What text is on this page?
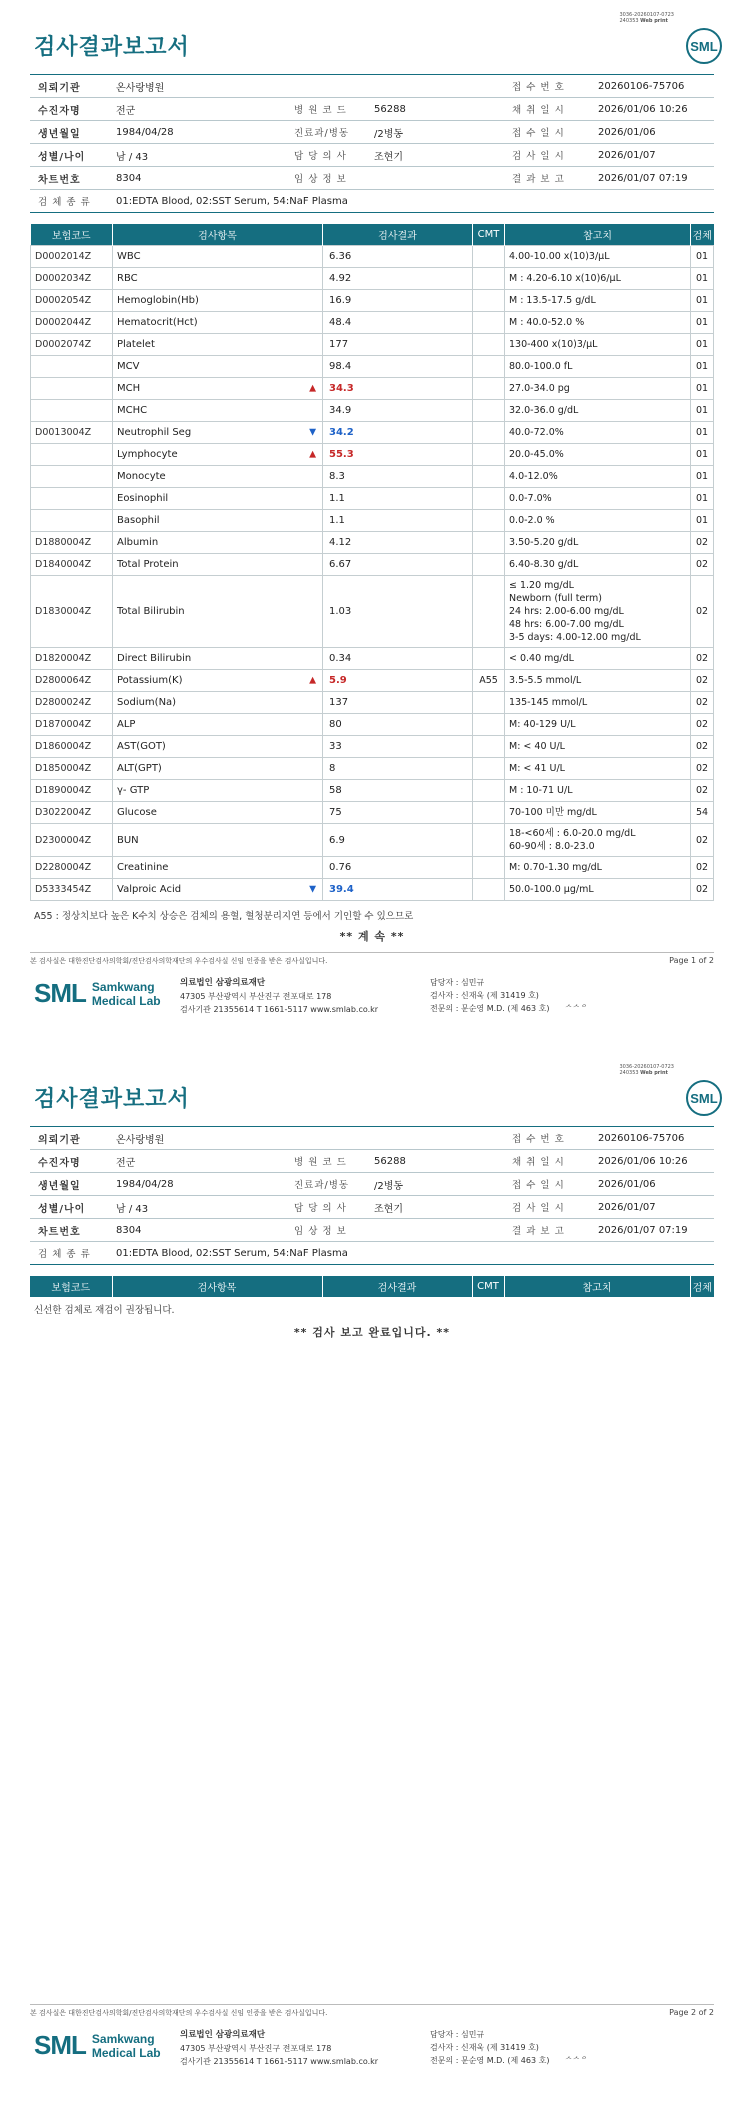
3036-20260107-0723
240353 Web print
검사결과보고서	SML
의뢰기관	온사랑병원			접 수 번 호	20260106-75706
수진자명	전군	병 원 코 드	56288	채 취 일 시	2026/01/06 10:26
생년월일	1984/04/28	진료과/병동	/2병동	접 수 일 시	2026/01/06
성별/나이	남 / 43	담 당 의 사	조현기	검 사 일 시	2026/01/07
차트번호	8304	임 상 정 보		결 과 보 고	2026/01/07 07:19
검 체 종 류	01:EDTA Blood, 02:SST Serum, 54:NaF Plasma				
보험코드	검사항목	검사결과	CMT	참고치	검체
D0002014Z	WBC	6.36		4.00-10.00 x(10)3/μL	01
D0002034Z	RBC	4.92		M : 4.20-6.10 x(10)6/μL	01
D0002054Z	Hemoglobin(Hb)	16.9		M : 13.5-17.5 g/dL	01
D0002044Z	Hematocrit(Hct)	48.4		M : 40.0-52.0 %	01
D0002074Z	Platelet	177		130-400 x(10)3/μL	01
	MCV	98.4		80.0-100.0 fL	01
	MCH ▲	34.3		27.0-34.0 pg	01
	MCHC	34.9		32.0-36.0 g/dL	01
D0013004Z	Neutrophil Seg ▼	34.2		40.0-72.0%	01
	Lymphocyte ▲	55.3		20.0-45.0%	01
	Monocyte	8.3		4.0-12.0%	01
	Eosinophil	1.1		0.0-7.0%	01
	Basophil	1.1		0.0-2.0 %	01
D1880004Z	Albumin	4.12		3.50-5.20 g/dL	02
D1840004Z	Total Protein	6.67		6.40-8.30 g/dL	02
D1830004Z	Total Bilirubin	1.03		≤ 1.20 mg/dL
Newborn (full term)
24 hrs: 2.00-6.00 mg/dL
48 hrs: 6.00-7.00 mg/dL
3-5 days: 4.00-12.00 mg/dL	02
D1820004Z	Direct Bilirubin	0.34		< 0.40 mg/dL	02
D2800064Z	Potassium(K) ▲	5.9	A55	3.5-5.5 mmol/L	02
D2800024Z	Sodium(Na)	137		135-145 mmol/L	02
D1870004Z	ALP	80		M: 40-129 U/L	02
D1860004Z	AST(GOT)	33		M: < 40 U/L	02
D1850004Z	ALT(GPT)	8		M: < 41 U/L	02
D1890004Z	γ- GTP	58		M : 10-71 U/L	02
D3022004Z	Glucose	75		70-100 미만 mg/dL	54
D2300004Z	BUN	6.9		18-<60세 : 6.0-20.0 mg/dL
60-90세 : 8.0-23.0	02
D2280004Z	Creatinine	0.76		M: 0.70-1.30 mg/dL	02
D5333454Z	Valproic Acid ▼	39.4		50.0-100.0 μg/mL	02
A55 : 정상치보다 높은 K수치 상승은 검체의 용혈, 혈청분리지연 등에서 기인할 수 있으므로
** 계 속 **
본 검사실은 대한진단검사의학회/진단검사의학재단의 우수검사실 신임 인증을 받은 검사실입니다.	Page 1 of 2
SML Samkwang
Medical Lab
의료법인 삼광의료재단
47305 부산광역시 부산진구 전포대로 178
검사기관 21355614 T 1661-5117 www.smlab.co.kr
담당자 : 심민규
검사자 : 신재욱 (제 31419 호)
전문의 : 문순영 M.D. (제 463 호) ᄉᄉᄋ
3036-20260107-0723
240353 Web print
검사결과보고서	SML
의뢰기관	온사랑병원			접 수 번 호	20260106-75706
수진자명	전군	병 원 코 드	56288	채 취 일 시	2026/01/06 10:26
생년월일	1984/04/28	진료과/병동	/2병동	접 수 일 시	2026/01/06
성별/나이	남 / 43	담 당 의 사	조현기	검 사 일 시	2026/01/07
차트번호	8304	임 상 정 보		결 과 보 고	2026/01/07 07:19
검 체 종 류	01:EDTA Blood, 02:SST Serum, 54:NaF Plasma				
보험코드	검사항목	검사결과	CMT	참고치	검체
신선한 검체로 재검이 권장됩니다.
** 검사 보고 완료입니다. **
본 검사실은 대한진단검사의학회/진단검사의학재단의 우수검사실 신임 인증을 받은 검사실입니다.	Page 2 of 2
SML Samkwang
Medical Lab
의료법인 삼광의료재단
47305 부산광역시 부산진구 전포대로 178
검사기관 21355614 T 1661-5117 www.smlab.co.kr
담당자 : 심민규
검사자 : 신재욱 (제 31419 호)
전문의 : 문순영 M.D. (제 463 호) ᄉᄉᄋ
